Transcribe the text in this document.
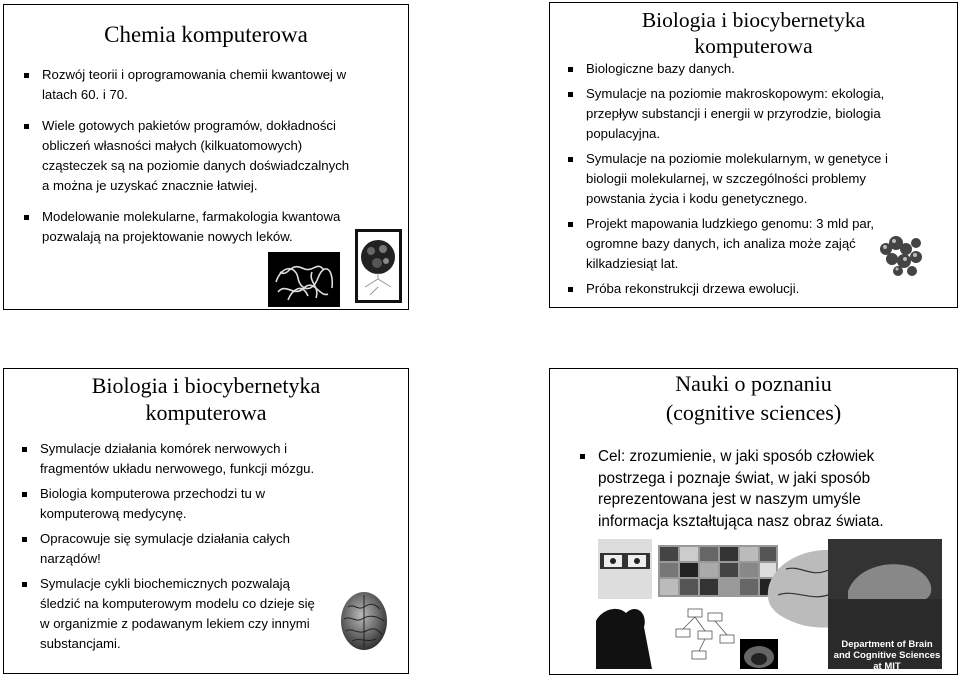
Chemia komputerowa
Rozwój teorii i oprogramowania chemii kwantowej w latach 60. i 70.
Wiele gotowych pakietów programów, dokładności obliczeń własności małych (kilkuatomowych) cząsteczek są na poziomie danych doświadczalnych a można je uzyskać znacznie łatwiej.
Modelowanie molekularne, farmakologia kwantowa pozwalają na projektowanie nowych leków.
Biologia i biocybernetyka
komputerowa
Biologiczne bazy danych.
Symulacje na poziomie makroskopowym: ekologia, przepływ substancji i energii w przyrodzie, biologia populacyjna.
Symulacje na poziomie molekularnym, w genetyce i biologii molekularnej, w szczególności problemy powstania życia i kodu genetycznego.
Projekt mapowania ludzkiego genomu: 3 mld par, ogromne bazy danych, ich analiza może zająć kilkadziesiąt lat.
Próba rekonstrukcji drzewa ewolucji.
Biologia i biocybernetyka
komputerowa
Symulacje działania komórek nerwowych i fragmentów układu nerwowego, funkcji mózgu.
Biologia komputerowa przechodzi tu w komputerową medycynę.
Opracowuje się symulacje działania całych narządów!
Symulacje cykli biochemicznych pozwalają śledzić na komputerowym modelu co dzieje się w organizmie z podawanym lekiem czy innymi substancjami.
Nauki o poznaniu
(cognitive sciences)
Cel: zrozumienie, w jaki sposób człowiek postrzega i poznaje świat, w jaki sposób reprezentowana jest w naszym umyśle informacja kształtująca nasz obraz świata.
Department of Brain
and Cognitive Sciences
at MIT
